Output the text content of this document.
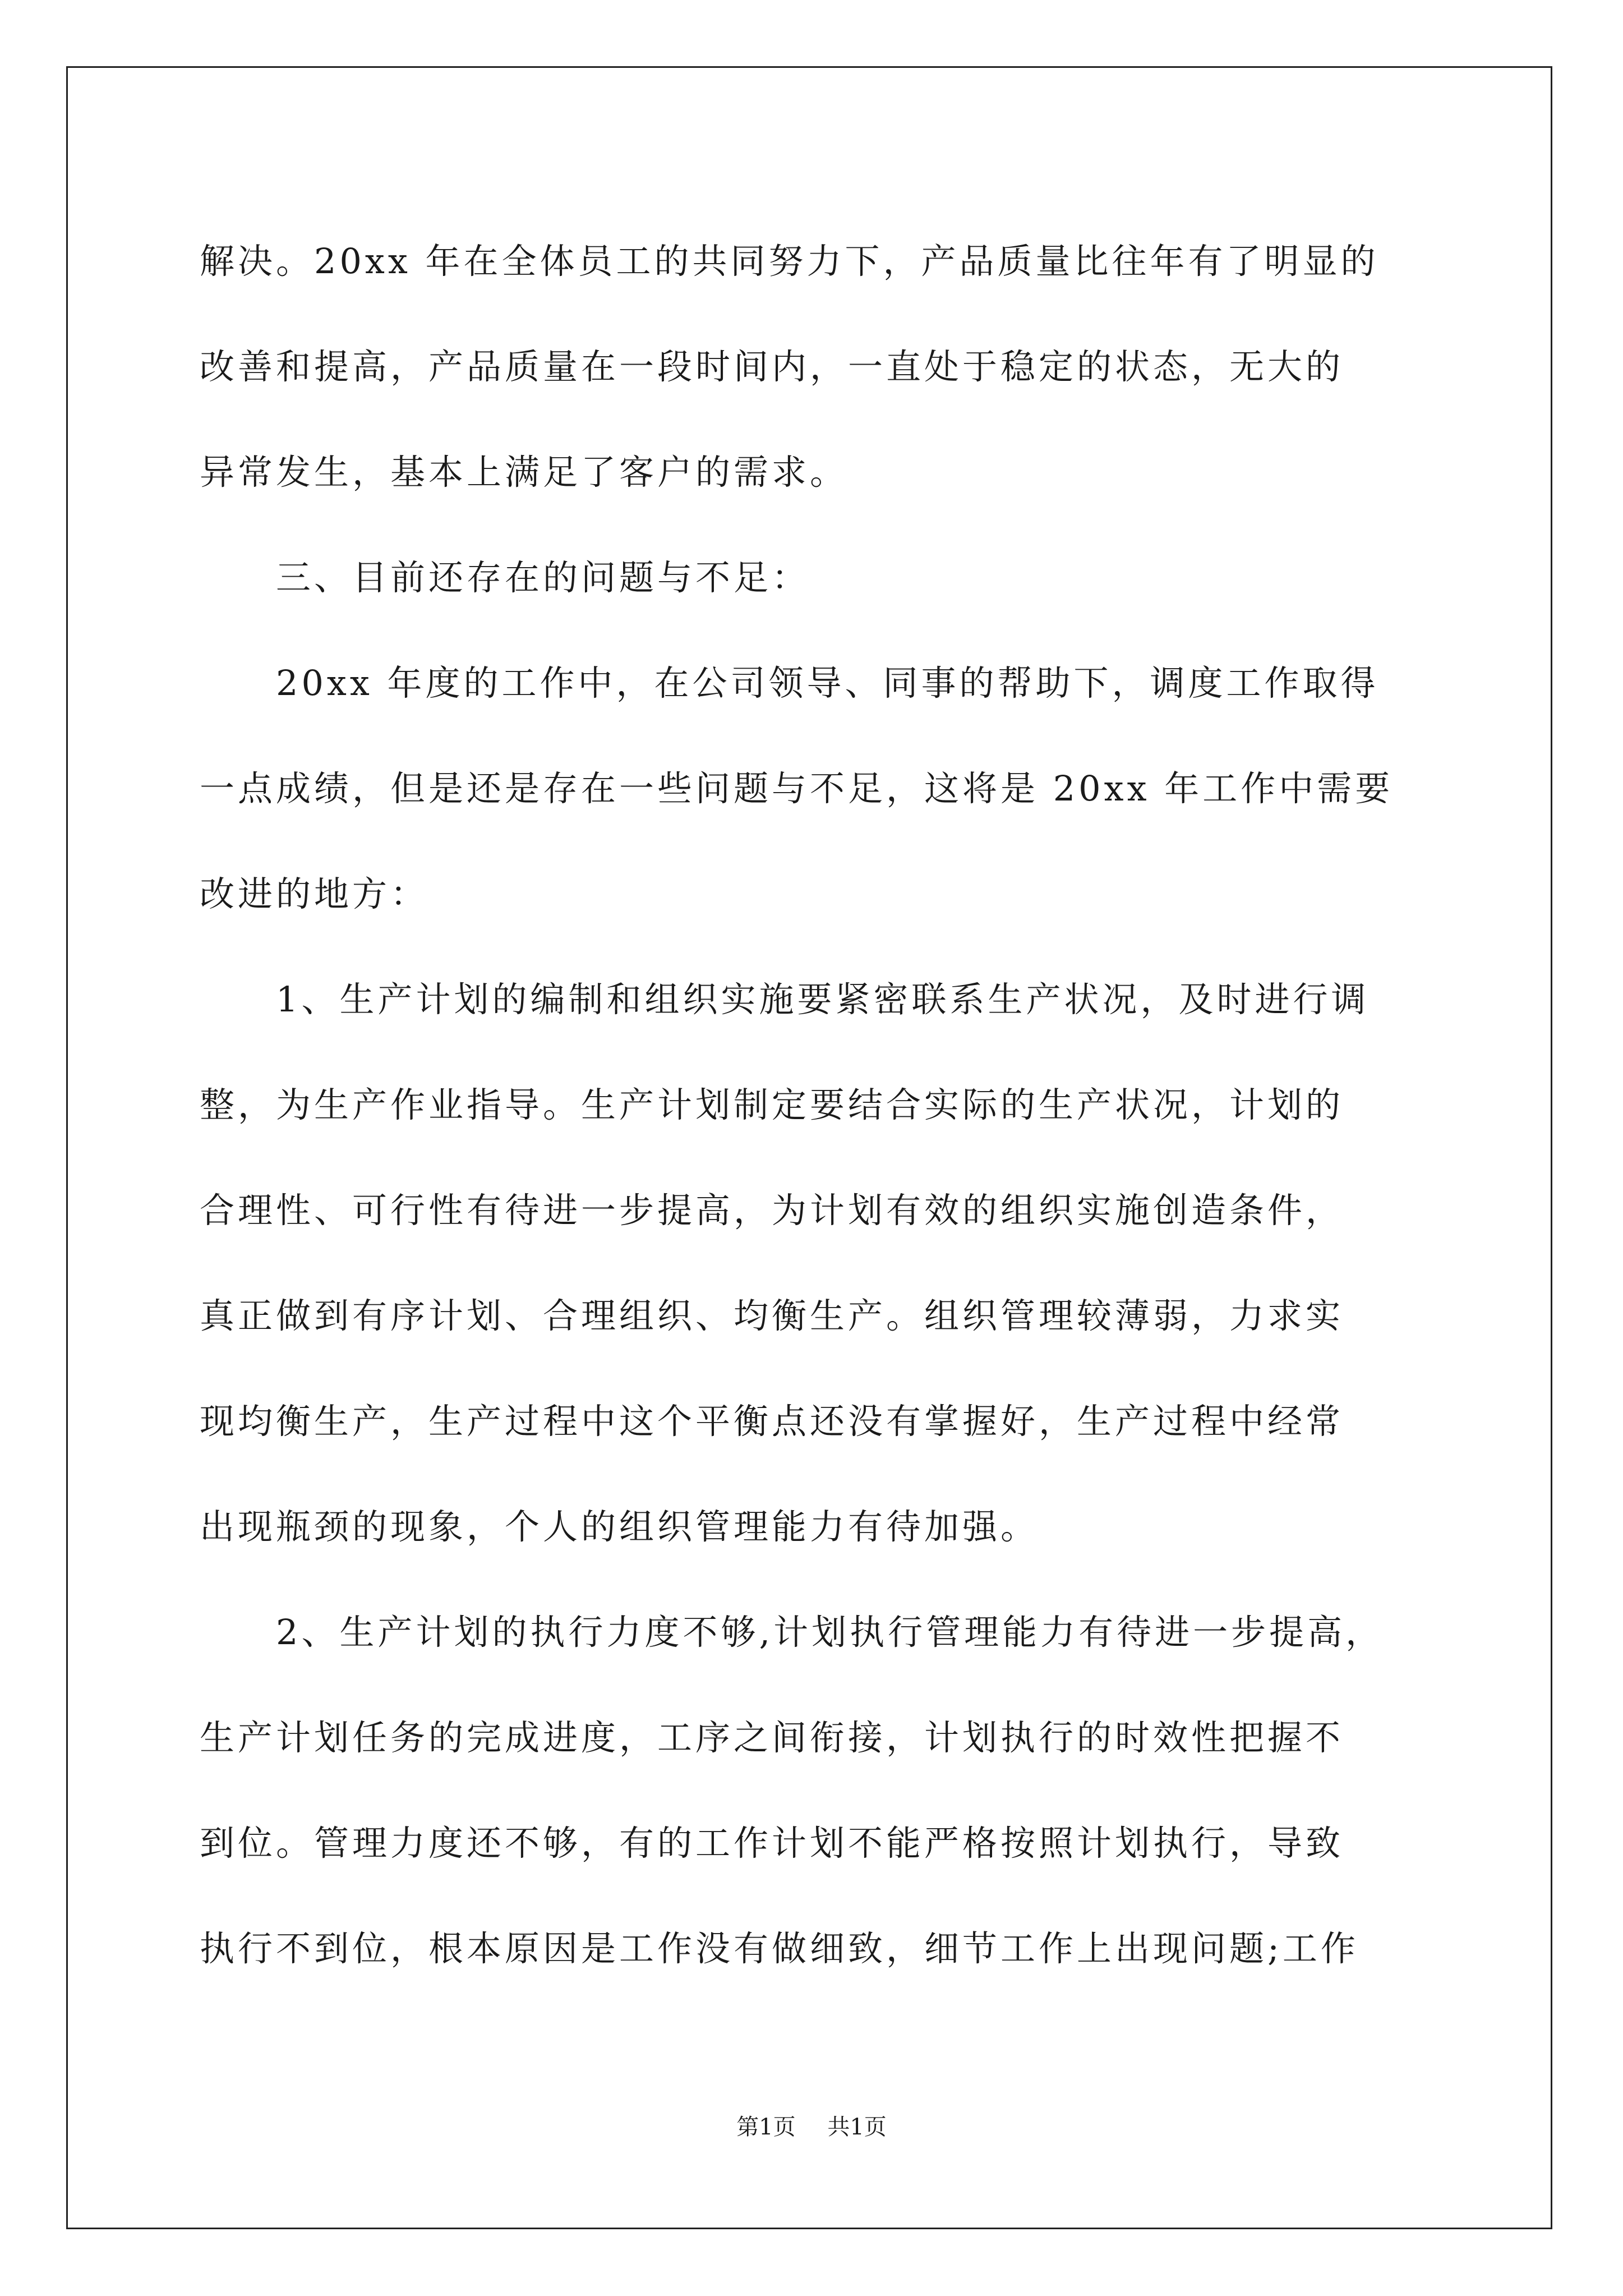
解决。20xx 年在全体员工的共同努力下，产品质量比往年有了明显的
改善和提高，产品质量在一段时间内，一直处于稳定的状态，无大的
异常发生，基本上满足了客户的需求。
三、目前还存在的问题与不足：
20xx 年度的工作中，在公司领导、同事的帮助下，调度工作取得
一点成绩，但是还是存在一些问题与不足，这将是 20xx 年工作中需要
改进的地方：
1、生产计划的编制和组织实施要紧密联系生产状况，及时进行调
整，为生产作业指导。生产计划制定要结合实际的生产状况，计划的
合理性、可行性有待进一步提高，为计划有效的组织实施创造条件，
真正做到有序计划、合理组织、均衡生产。组织管理较薄弱，力求实
现均衡生产，生产过程中这个平衡点还没有掌握好，生产过程中经常
出现瓶颈的现象，个人的组织管理能力有待加强。
2、生产计划的执行力度不够,计划执行管理能力有待进一步提高，
生产计划任务的完成进度，工序之间衔接，计划执行的时效性把握不
到位。管理力度还不够，有的工作计划不能严格按照计划执行，导致
执行不到位，根本原因是工作没有做细致，细节工作上出现问题;工作
第1页 共1页
